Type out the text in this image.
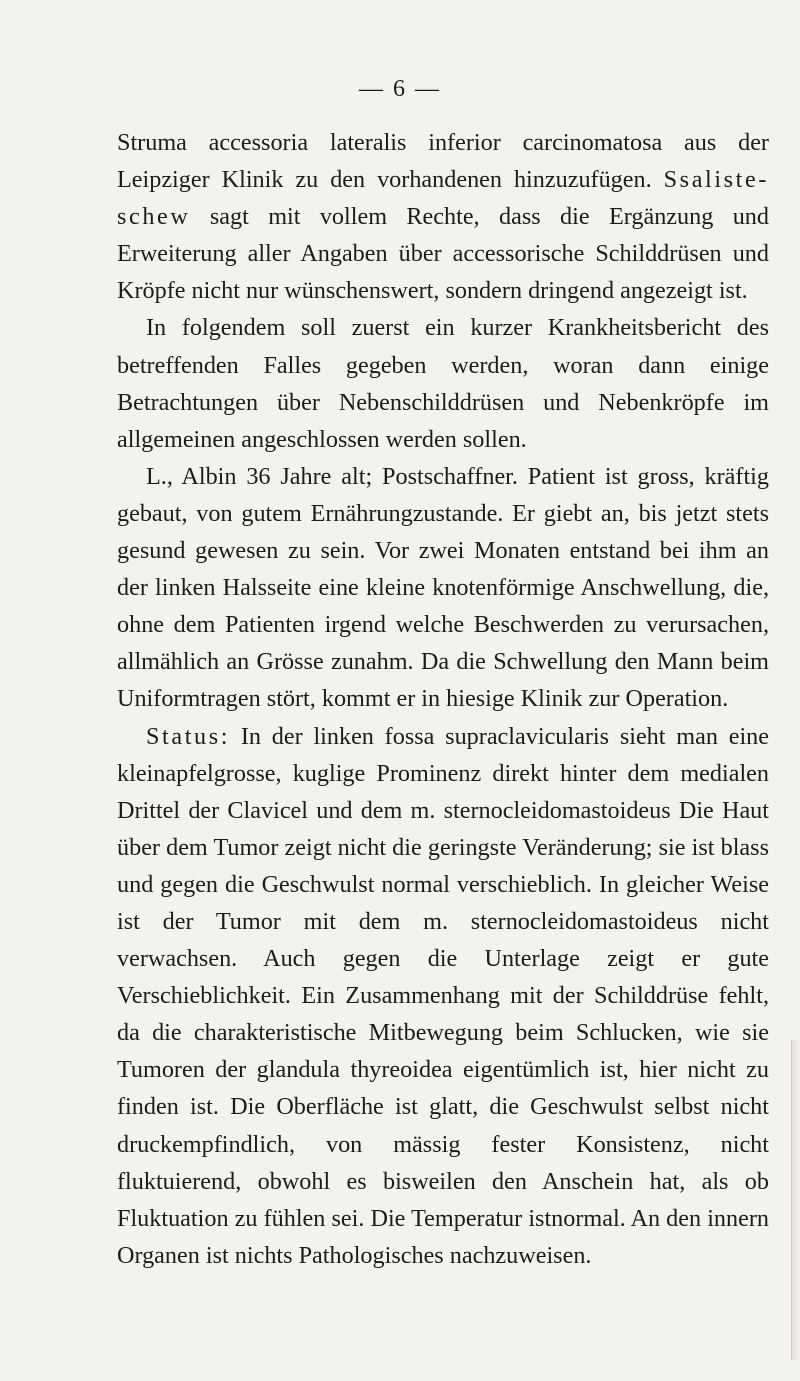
— 6 —

Struma accessoria lateralis inferior carcinomatosa aus der Leipziger Klinik zu den vorhandenen hinzuzufügen. Ssaliste-schew sagt mit vollem Rechte, dass die Ergänzung und Erweiterung aller Angaben über accessorische Schilddrüsen und Kröpfe nicht nur wünschenswert, sondern dringend angezeigt ist.

In folgendem soll zuerst ein kurzer Krankheitsbericht des betreffenden Falles gegeben werden, woran dann einige Betrachtungen über Nebenschilddrüsen und Nebenkröpfe im allgemeinen angeschlossen werden sollen.

L., Albin 36 Jahre alt; Postschaffner. Patient ist gross, kräftig gebaut, von gutem Ernährungzustande. Er giebt an, bis jetzt stets gesund gewesen zu sein. Vor zwei Monaten entstand bei ihm an der linken Halsseite eine kleine knotenförmige Anschwellung, die, ohne dem Patienten irgend welche Beschwerden zu verursachen, allmählich an Grösse zunahm. Da die Schwellung den Mann beim Uniformtragen stört, kommt er in hiesige Klinik zur Operation.

Status: In der linken fossa supraclavicularis sieht man eine kleinapfelgrosse, kuglige Prominenz direkt hinter dem medialen Drittel der Clavicel und dem m. sternocleidomastoideus Die Haut über dem Tumor zeigt nicht die geringste Veränderung; sie ist blass und gegen die Geschwulst normal verschieblich. In gleicher Weise ist der Tumor mit dem m. sternocleidomastoideus nicht verwachsen. Auch gegen die Unterlage zeigt er gute Verschieblichkeit. Ein Zusammenhang mit der Schilddrüse fehlt, da die charakteristische Mitbewegung beim Schlucken, wie sie Tumoren der glandula thyreoidea eigentümlich ist, hier nicht zu finden ist. Die Oberfläche ist glatt, die Geschwulst selbst nicht druckempfindlich, von mässig fester Konsistenz, nicht fluktuierend, obwohl es bisweilen den Anschein hat, als ob Fluktuation zu fühlen sei. Die Temperatur istnormal. An den innern Organen ist nichts Pathologisches nachzuweisen.
